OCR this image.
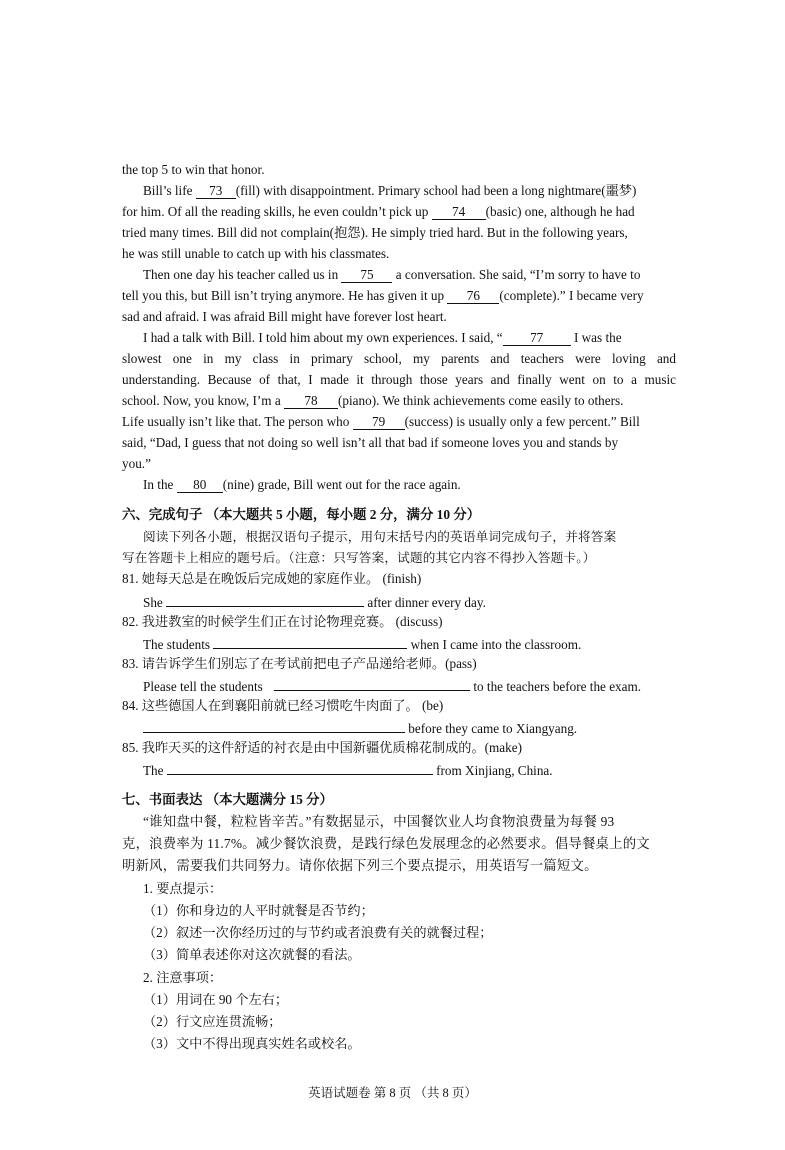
the top 5 to win that honor.
Bill’s life 73 (fill) with disappointment. Primary school had been a long nightmare(噩梦)
for him. Of all the reading skills, he even couldn’t pick up 74 (basic) one, although he had
tried many times. Bill did not complain(抱怨). He simply tried hard. But in the following years,
he was still unable to catch up with his classmates.
Then one day his teacher called us in 75 a conversation. She said, “I’m sorry to have to
tell you this, but Bill isn’t trying anymore. He has given it up 76 (complete).” I became very
sad and afraid. I was afraid Bill might have forever lost heart.
I had a talk with Bill. I told him about my own experiences. I said, “ 77 I was the
slowest one in my class in primary school, my parents and teachers were loving and
understanding. Because of that, I made it through those years and finally went on to a music
school. Now, you know, I’m a 78 (piano). We think achievements come easily to others.
Life usually isn’t like that. The person who 79 (success) is usually only a few percent.” Bill
said, “Dad, I guess that not doing so well isn’t all that bad if someone loves you and stands by
you.”
In the 80 (nine) grade, Bill went out for the race again.
六、完成句子 （本大题共 5 小题，每小题 2 分，满分 10 分）
阅读下列各小题，根据汉语句子提示，用句末括号内的英语单词完成句子，并将答案
写在答题卡上相应的题号后。（注意：只写答案，试题的其它内容不得抄入答题卡。）
81. 她每天总是在晚饭后完成她的家庭作业。 (finish)
She	after dinner every day.
82. 我进教室的时候学生们正在讨论物理竞赛。 (discuss)
The students	when I came into the classroom.
83. 请告诉学生们别忘了在考试前把电子产品递给老师。(pass)
Please tell the students	to the teachers before the exam.
84. 这些德国人在到襄阳前就已经习惯吃牛肉面了。 (be)
before they came to Xiangyang.
85. 我昨天买的这件舒适的衬衣是由中国新疆优质棉花制成的。(make)
The	from Xinjiang, China.
七、书面表达 （本大题满分 15 分）
“谁知盘中餐，粒粒皆辛苦。”有数据显示，中国餐饮业人均食物浪费量为每餐 93
克，浪费率为 11.7%。减少餐饮浪费，是践行绿色发展理念的必然要求。倡导餐桌上的文
明新风，需要我们共同努力。请你依据下列三个要点提示，用英语写一篇短文。
1. 要点提示：
（1）你和身边的人平时就餐是否节约；
（2）叙述一次你经历过的与节约或者浪费有关的就餐过程；
（3）简单表述你对这次就餐的看法。
2. 注意事项：
（1）用词在 90 个左右；
（2）行文应连贯流畅；
（3）文中不得出现真实姓名或校名。
英语试题卷 第 8 页 （共 8 页）
